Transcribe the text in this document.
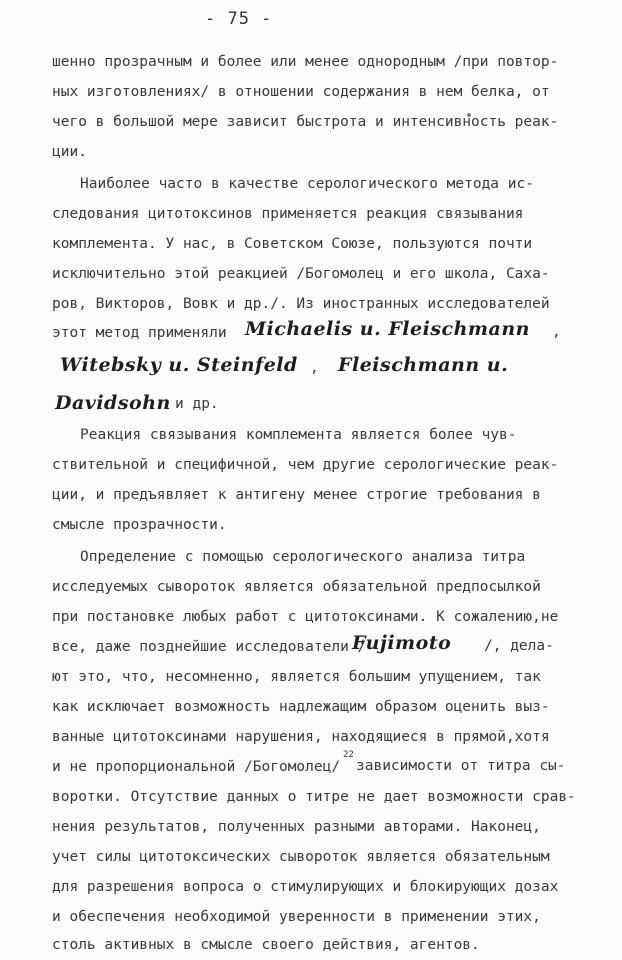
- 75 -
шенно прозрачным и более или менее однородным /при повтор-
ных изготовлениях/ в отношении содержания в нем белка, от
чего в большой мере зависит быстрота и интенсивность реак-
ции.
Наиболее часто в качестве серологического метода ис-
следования цитотоксинов применяется реакция связывания
комплемента. У нас, в Советском Союзе, пользуются почти
исключительно этой реакцией /Богомолец и его школа, Саха-
ров, Викторов, Вовк и др./. Из иностранных исследователей
этот метод применяли Michaelis u. Fleischmann ,
Witebsky u. Steinfeld , Fleischmann u.
Davidsohn и др.
Реакция связывания комплемента является более чув-
ствительной и специфичной, чем другие серологические реак-
ции, и предъявляет к антигену менее строгие требования в
смысле прозрачности.
Определение с помощью серологического анализа титра
исследуемых сывороток является обязательной предпосылкой
при постановке любых работ с цитотоксинами. К сожалению,не
все, даже позднейшие исследователи /
Fujimoto /, дела-
ют это, что, несомненно, является большим упущением, так
как исключает возможность надлежащим образом оценить выз-
ванные цитотоксинами нарушения, находящиеся в прямой,хотя
и не пропорциональной /Богомолец/
22
зависимости от титра сы-
воротки. Отсутствие данных о титре не дает возможности срав-
нения результатов, полученных разными авторами. Наконец,
учет силы цитотоксических сывороток является обязательным
для разрешения вопроса о стимулирующих и блокирующих дозах
и обеспечения необходимой уверенности в применении этих,
столь активных в смысле своего действия, агентов.
